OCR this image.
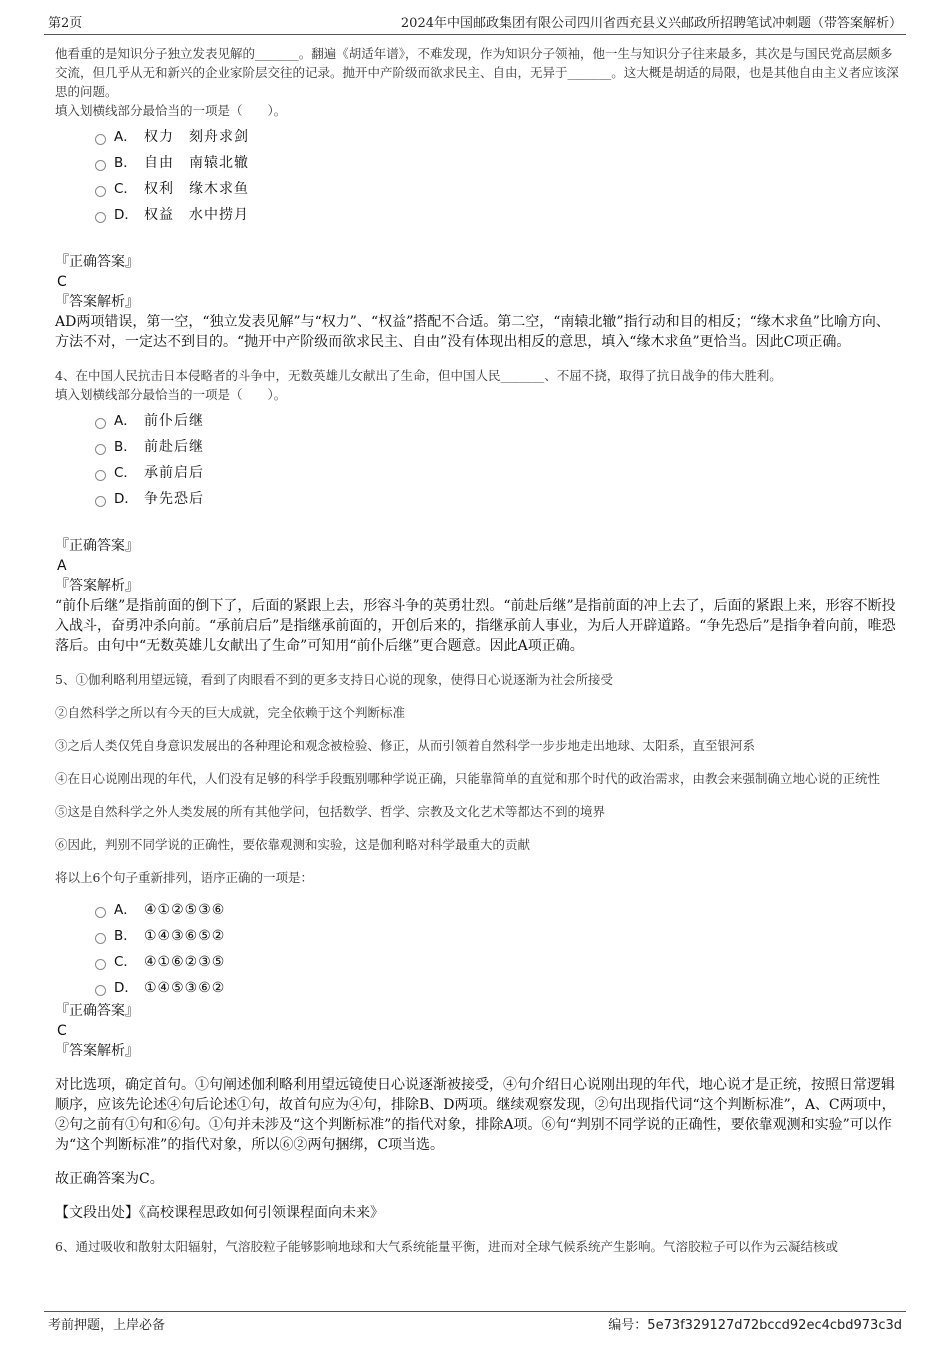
第2页	2024年中国邮政集团有限公司四川省西充县义兴邮政所招聘笔试冲刺题（带答案解析）

他看重的是知识分子独立发表见解的_______。翻遍《胡适年谱》，不难发现，作为知识分子领袖，他一生与知识分子往来最多，其次是与国民党高层颇多交流，但几乎从无和新兴的企业家阶层交往的记录。抛开中产阶级而欲求民主、自由，无异于_______。这大概是胡适的局限，也是其他自由主义者应该深思的问题。

填入划横线部分最恰当的一项是（　　）。

A． 权力　刻舟求剑
B． 自由　南辕北辙
C． 权利　缘木求鱼
D． 权益　水中捞月
『正确答案』
C
『答案解析』

AD两项错误，第一空，“独立发表见解”与“权力”、“权益”搭配不合适。第二空，“南辕北辙”指行动和目的相反；“缘木求鱼”比喻方向、方法不对，一定达不到目的。“抛开中产阶级而欲求民主、自由”没有体现出相反的意思，填入“缘木求鱼”更恰当。因此C项正确。

4、在中国人民抗击日本侵略者的斗争中，无数英雄儿女献出了生命，但中国人民_______、不屈不挠，取得了抗日战争的伟大胜利。

填入划横线部分最恰当的一项是（　　）。

A． 前仆后继
B． 前赴后继
C． 承前启后
D． 争先恐后
『正确答案』
A
『答案解析』

“前仆后继”是指前面的倒下了，后面的紧跟上去，形容斗争的英勇壮烈。“前赴后继”是指前面的冲上去了，后面的紧跟上来，形容不断投入战斗，奋勇冲杀向前。“承前启后”是指继承前面的，开创后来的，指继承前人事业，为后人开辟道路。“争先恐后”是指争着向前，唯恐落后。由句中“无数英雄儿女献出了生命”可知用“前仆后继”更合题意。因此A项正确。

5、①伽利略利用望远镜，看到了肉眼看不到的更多支持日心说的现象，使得日心说逐渐为社会所接受

②自然科学之所以有今天的巨大成就，完全依赖于这个判断标准

③之后人类仅凭自身意识发展出的各种理论和观念被检验、修正，从而引领着自然科学一步步地走出地球、太阳系，直至银河系

④在日心说刚出现的年代，人们没有足够的科学手段甄别哪种学说正确，只能靠简单的直觉和那个时代的政治需求，由教会来强制确立地心说的正统性

⑤这是自然科学之外人类发展的所有其他学问，包括数学、哲学、宗教及文化艺术等都达不到的境界

⑥因此，判别不同学说的正确性，要依靠观测和实验，这是伽利略对科学最重大的贡献

将以上6个句子重新排列，语序正确的一项是：

A． ④①②⑤③⑥
B． ①④③⑥⑤②
C． ④①⑥②③⑤
D． ①④⑤③⑥②
『正确答案』
C
『答案解析』

对比选项，确定首句。①句阐述伽利略利用望远镜使日心说逐渐被接受，④句介绍日心说刚出现的年代，地心说才是正统，按照日常逻辑顺序，应该先论述④句后论述①句，故首句应为④句，排除B、D两项。继续观察发现，②句出现指代词“这个判断标准”，A、C两项中，②句之前有①句和⑥句。①句并未涉及“这个判断标准”的指代对象，排除A项。⑥句“判别不同学说的正确性，要依靠观测和实验”可以作为“这个判断标准”的指代对象，所以⑥②两句捆绑，C项当选。

故正确答案为C。

【文段出处】《高校课程思政如何引领课程面向未来》

6、通过吸收和散射太阳辐射，气溶胶粒子能够影响地球和大气系统能量平衡，进而对全球气候系统产生影响。气溶胶粒子可以作为云凝结核或

考前押题，上岸必备	编号：5e73f329127d72bccd92ec4cbd973c3d
